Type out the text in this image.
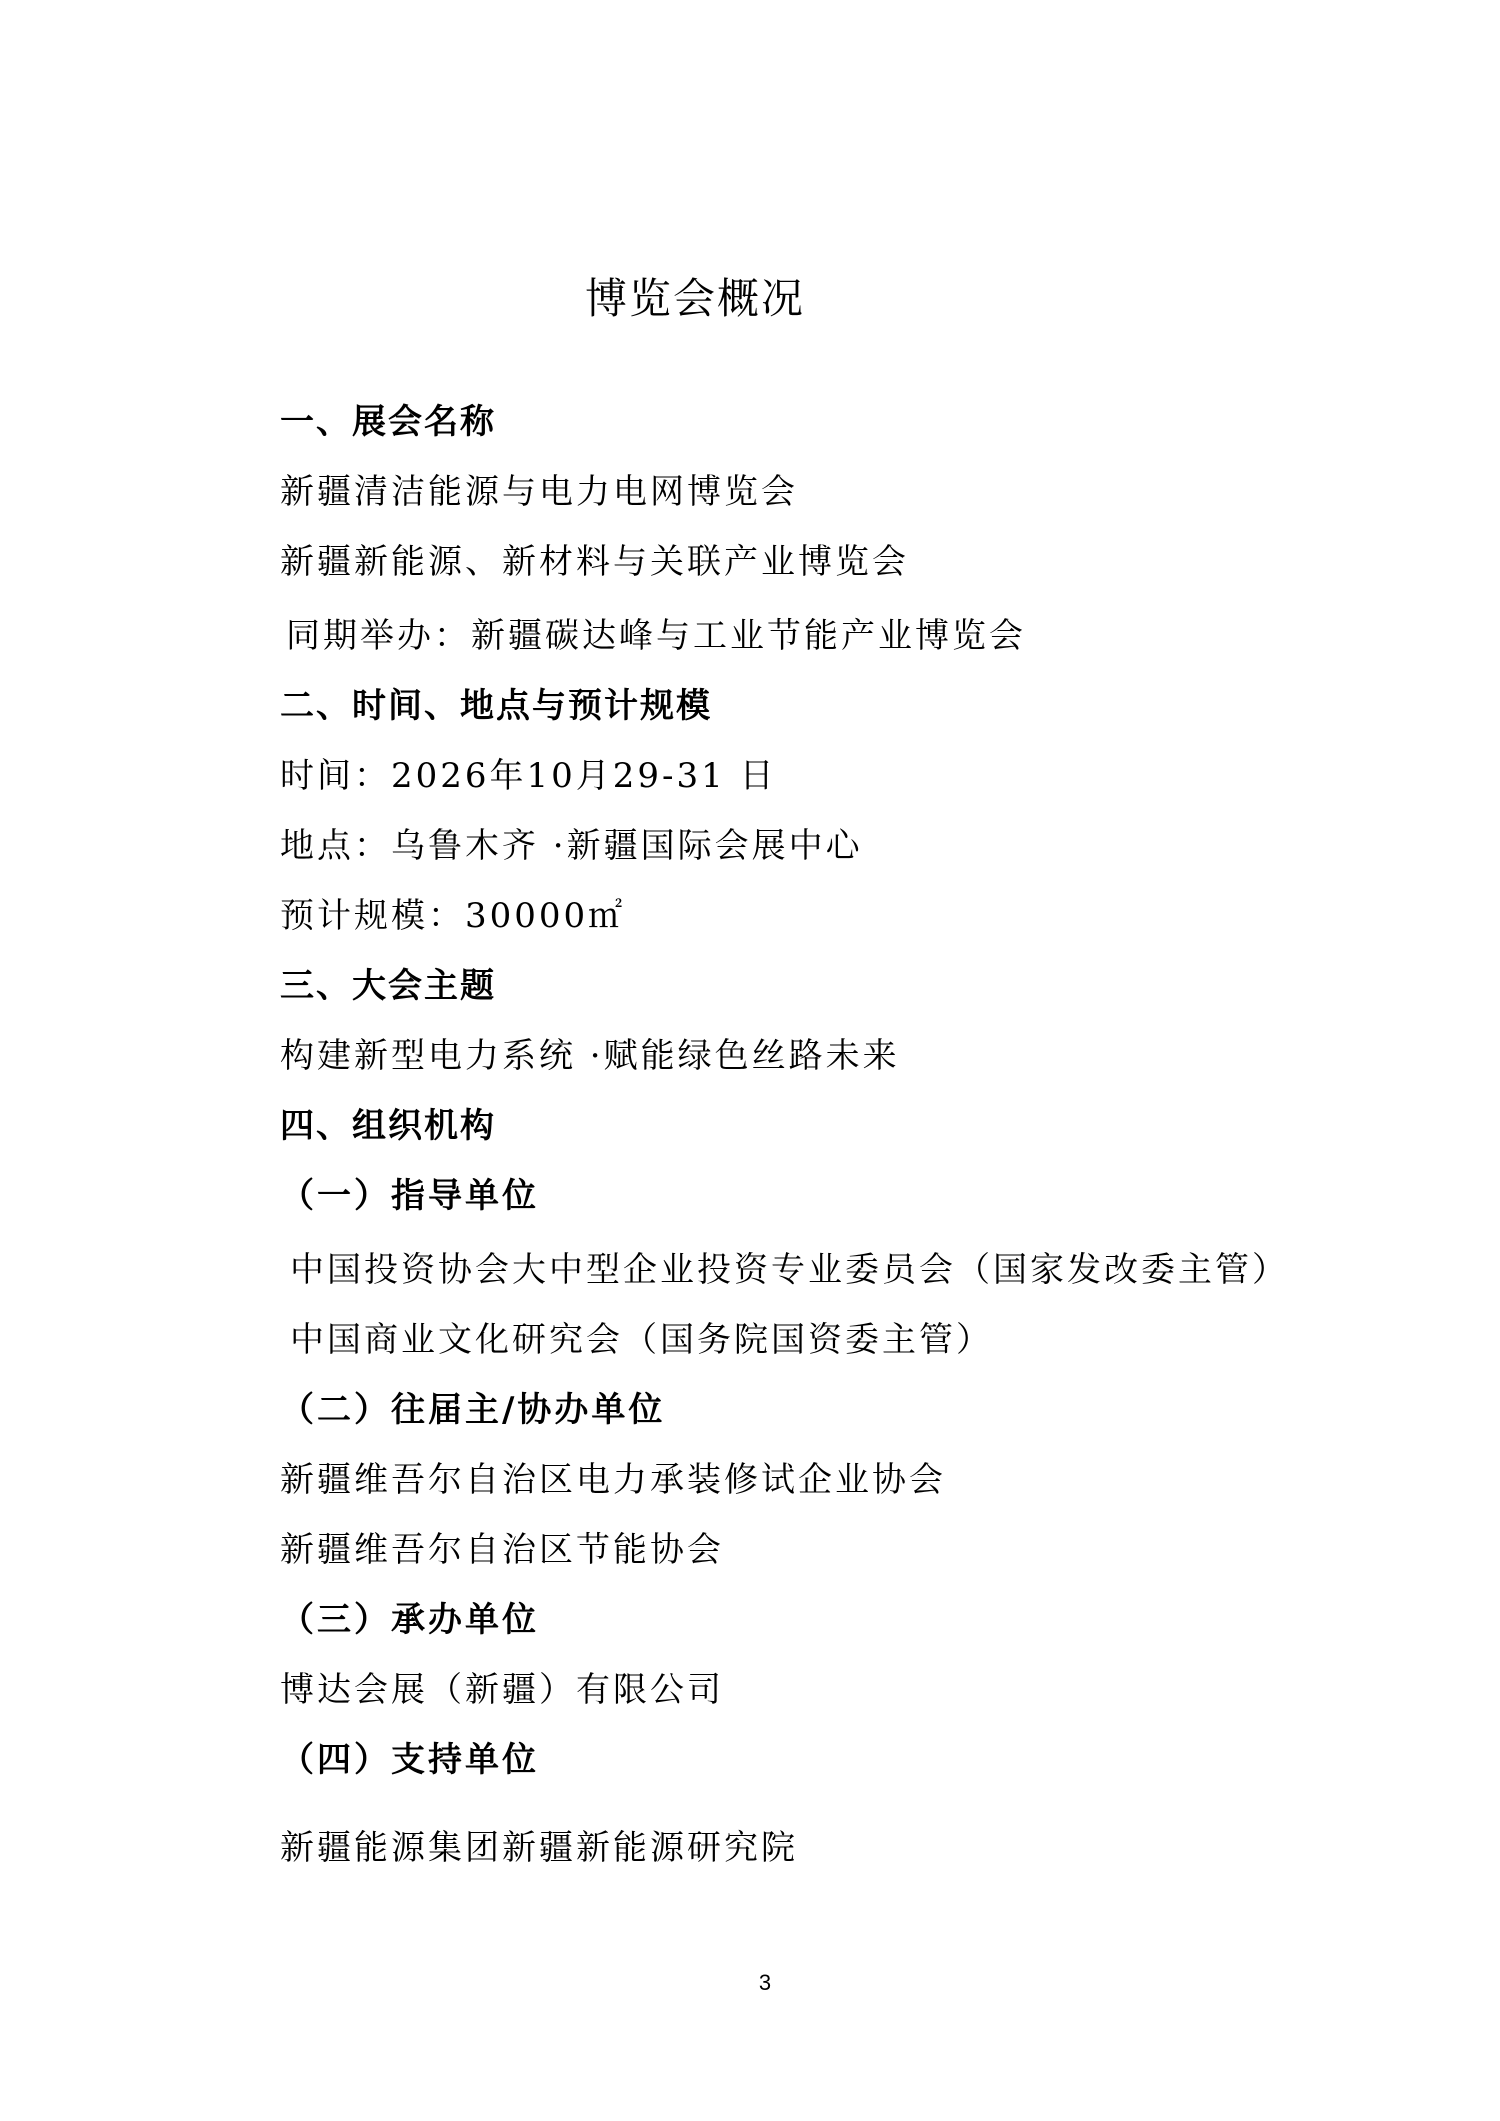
博览会概况
一、展会名称
新疆清洁能源与电力电网博览会
新疆新能源、新材料与关联产业博览会
同期举办：新疆碳达峰与工业节能产业博览会
二、时间、地点与预计规模
时间：2026年10月29-31 日
地点：乌鲁木齐 ·新疆国际会展中心
预计规模：30000㎡
三、大会主题
构建新型电力系统 ·赋能绿色丝路未来
四、组织机构
（一）指导单位
中国投资协会大中型企业投资专业委员会（国家发改委主管）
中国商业文化研究会（国务院国资委主管）
（二）往届主/协办单位
新疆维吾尔自治区电力承装修试企业协会
新疆维吾尔自治区节能协会
（三）承办单位
博达会展（新疆）有限公司
（四）支持单位
新疆能源集团新疆新能源研究院
3
